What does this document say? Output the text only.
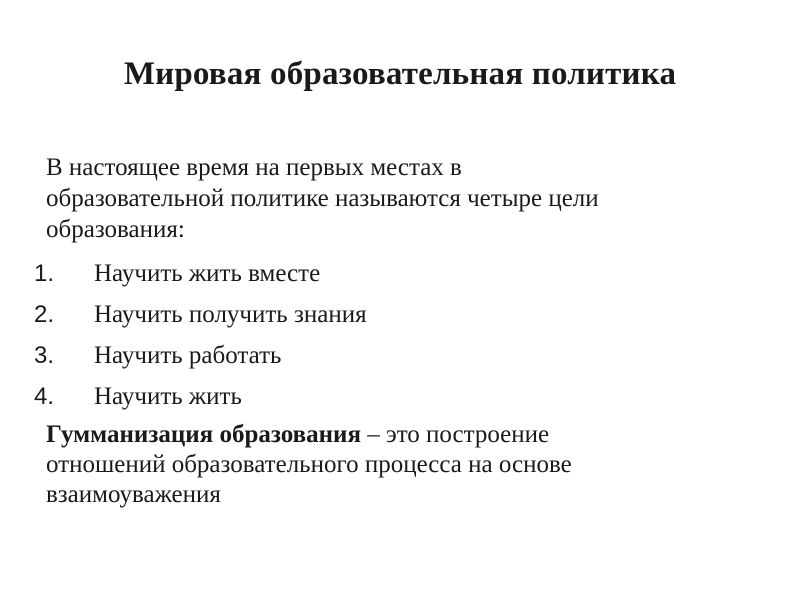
Мировая образовательная политика
В настоящее время на первых местах в
образовательной политике называются четыре цели
образования:
1. Научить жить вместе
2. Научить получить знания
3. Научить работать
4. Научить жить
Гумманизация образования – это построение
отношений образовательного процесса на основе
взаимоуважения
